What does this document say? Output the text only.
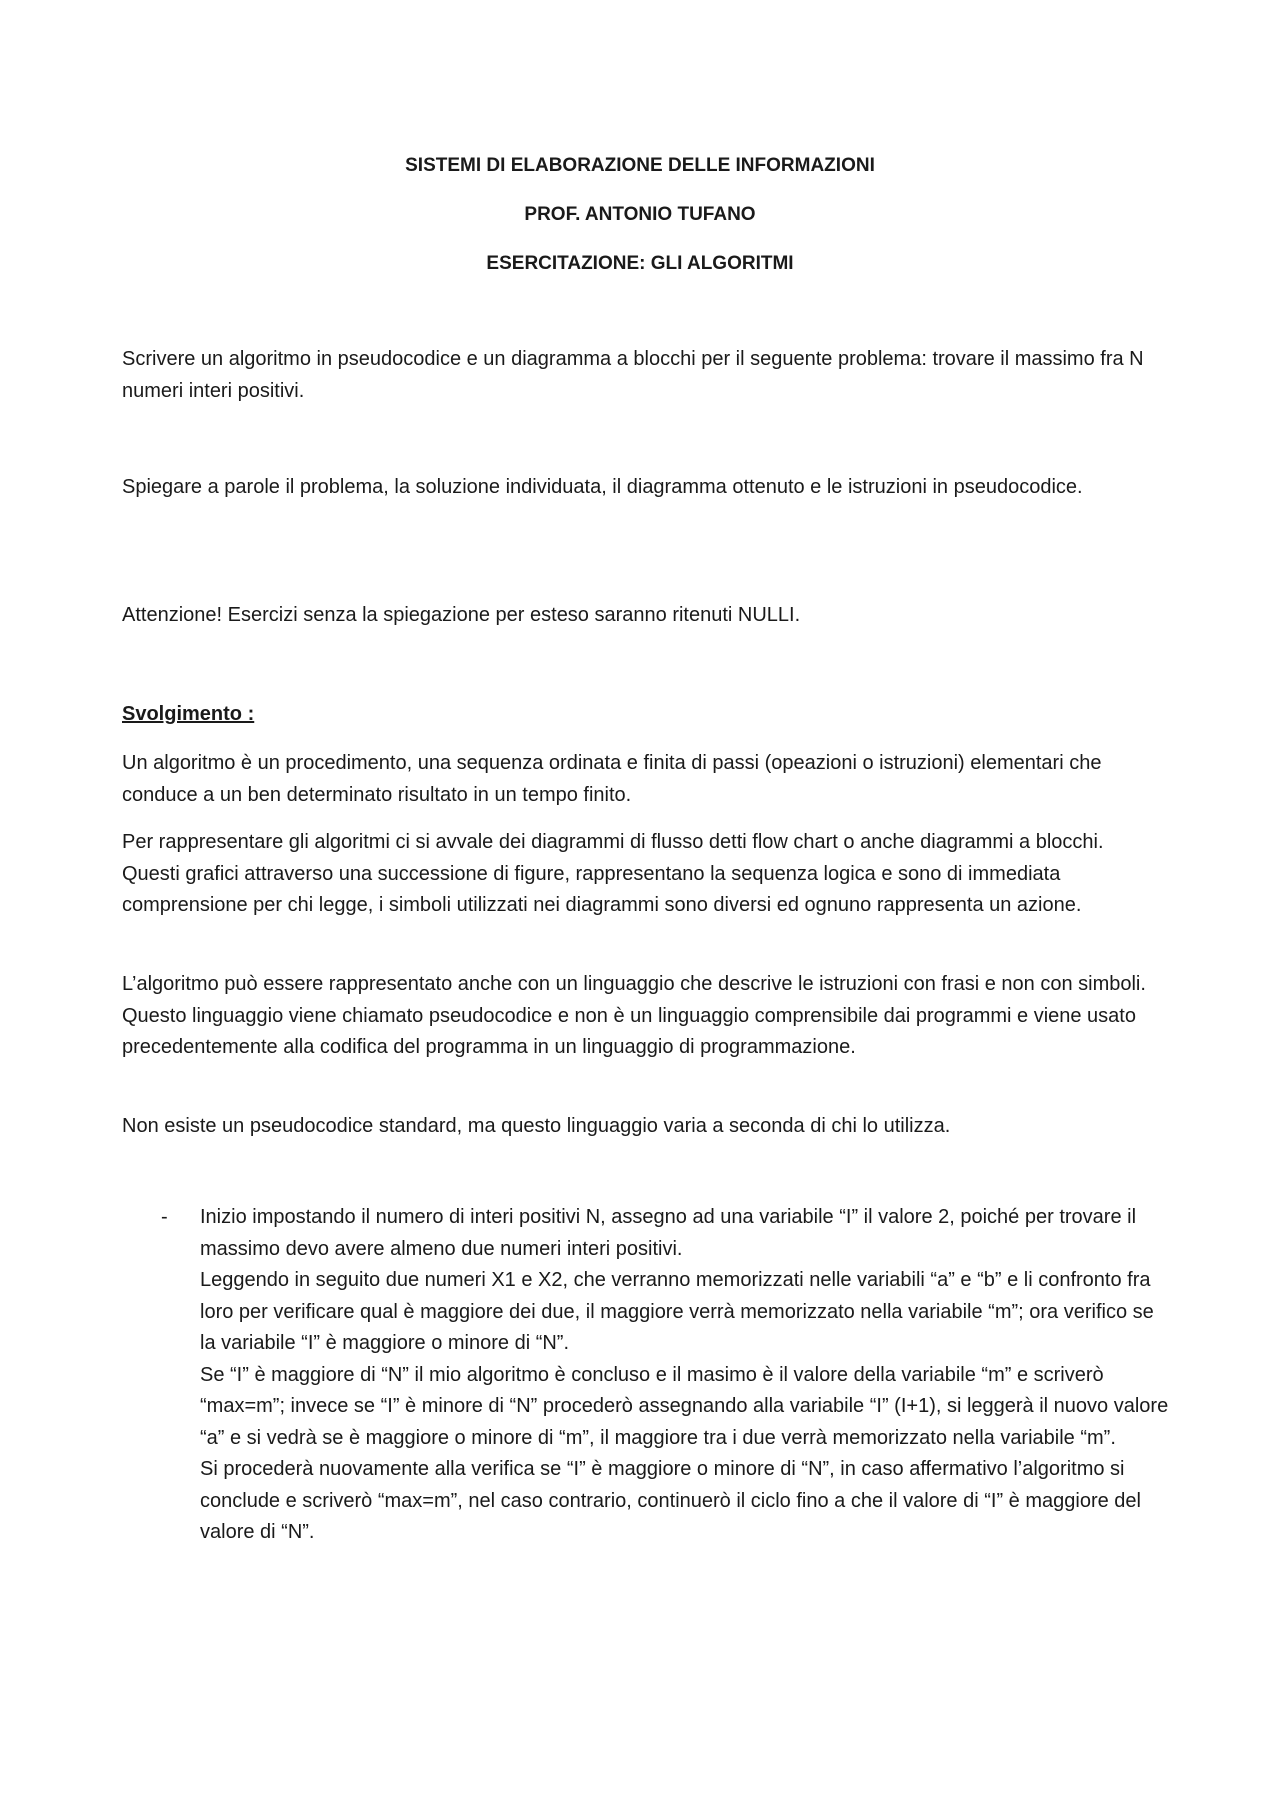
SISTEMI DI ELABORAZIONE DELLE INFORMAZIONI
PROF. ANTONIO TUFANO
ESERCITAZIONE: GLI ALGORITMI

Scrivere un algoritmo in pseudocodice e un diagramma a blocchi per il seguente problema: trovare il massimo fra N numeri interi positivi.

Spiegare a parole il problema, la soluzione individuata, il diagramma ottenuto e le istruzioni in pseudocodice.

Attenzione! Esercizi senza la spiegazione per esteso saranno ritenuti NULLI.

Svolgimento :

Un algoritmo è un procedimento, una sequenza ordinata e finita di passi (opeazioni o istruzioni) elementari che conduce a un ben determinato risultato in un tempo finito.

Per rappresentare gli algoritmi ci si avvale dei diagrammi di flusso detti flow chart o anche diagrammi a blocchi. Questi grafici attraverso una successione di figure, rappresentano la sequenza logica e sono di immediata comprensione per chi legge, i simboli utilizzati nei diagrammi sono diversi ed ognuno rappresenta un azione.

L’algoritmo può essere rappresentato anche con un linguaggio che descrive le istruzioni con frasi e non con simboli. Questo linguaggio viene chiamato pseudocodice e non è un linguaggio comprensibile dai programmi e viene usato precedentemente alla codifica del programma in un linguaggio di programmazione.

Non esiste un pseudocodice standard, ma questo linguaggio varia a seconda di chi lo utilizza.

- Inizio impostando il numero di interi positivi N, assegno ad una variabile “I” il valore 2, poiché per trovare il massimo devo avere almeno due numeri interi positivi.

Leggendo in seguito due numeri X1 e X2, che verranno memorizzati nelle variabili “a” e “b” e li confronto fra loro per verificare qual è maggiore dei due, il maggiore verrà memorizzato nella variabile “m”; ora verifico se la variabile “I” è maggiore o minore di “N”.

Se “I” è maggiore di “N” il mio algoritmo è concluso e il masimo è il valore della variabile “m” e scriverò “max=m”; invece se “I” è minore di “N” procederò assegnando alla variabile “I” (I+1), si leggerà il nuovo valore “a” e si vedrà se è maggiore o minore di “m”, il maggiore tra i due verrà memorizzato nella variabile “m”.

Si procederà nuovamente alla verifica se “I” è maggiore o minore di “N”, in caso affermativo l’algoritmo si conclude e scriverò “max=m”, nel caso contrario, continuerò il ciclo fino a che il valore di “I” è maggiore del valore di “N”.
